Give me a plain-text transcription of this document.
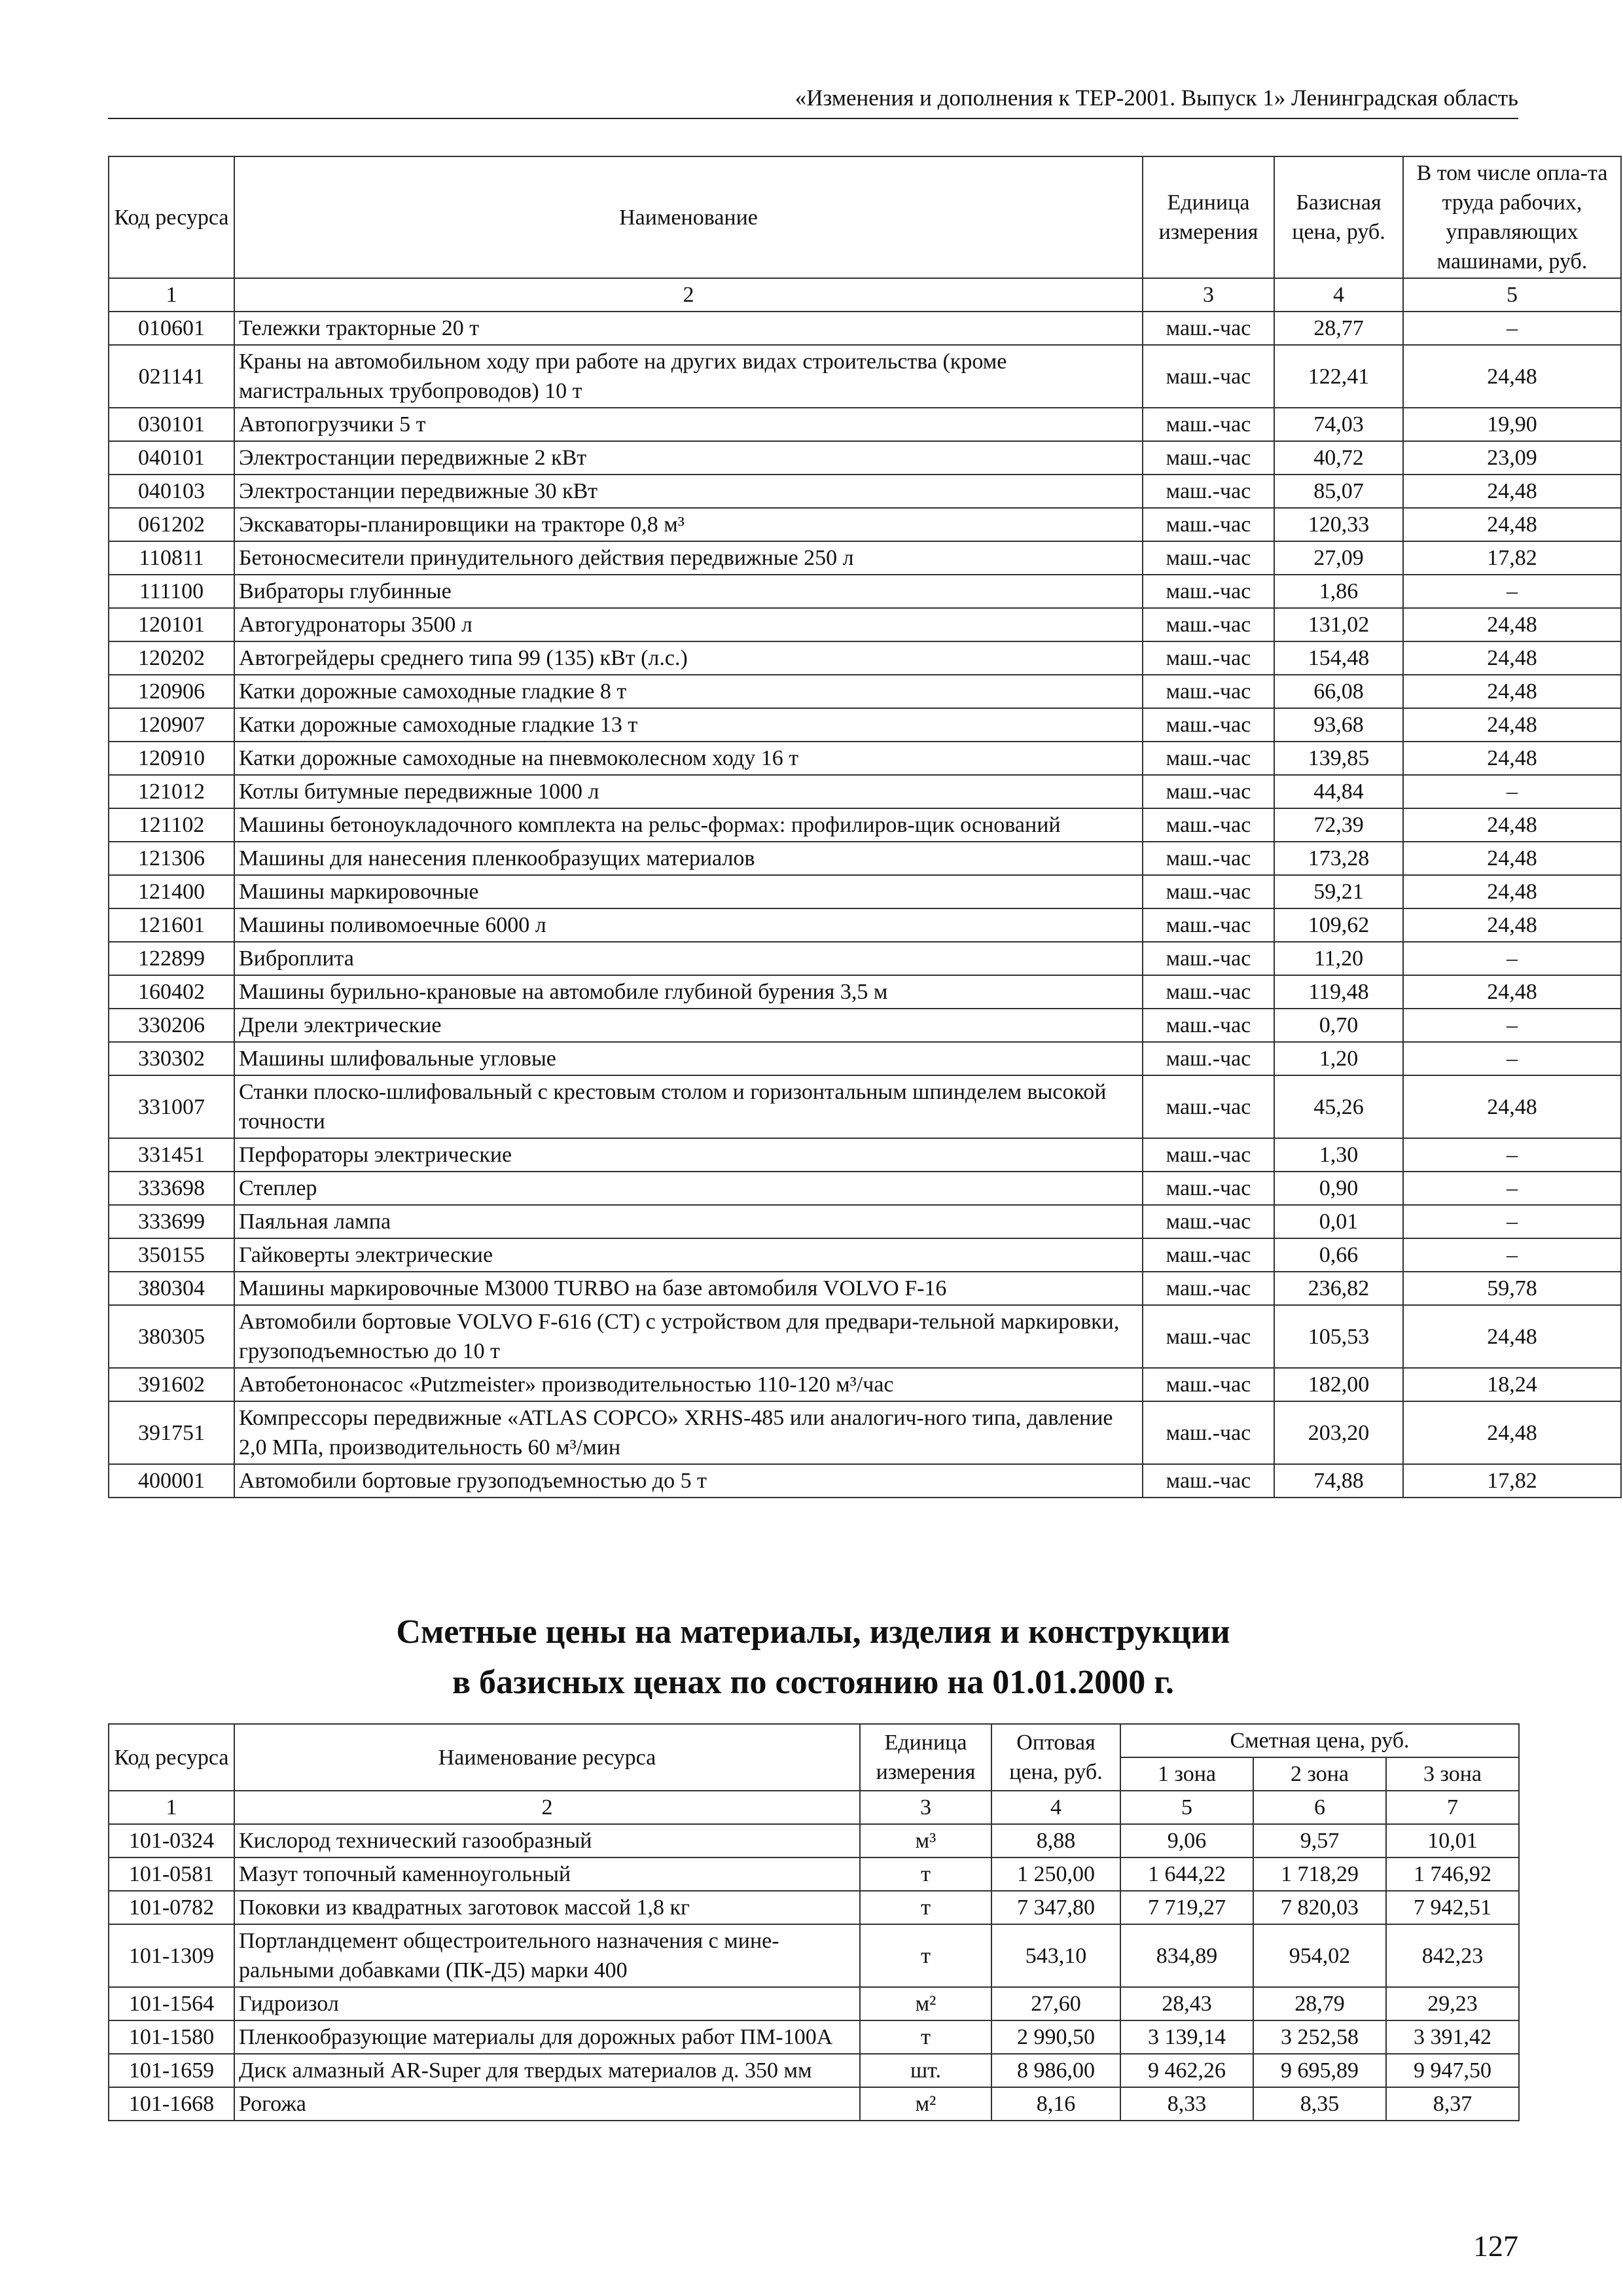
«Изменения и дополнения к ТЕР-2001. Выпуск 1» Ленинградская область
Код ресурса	Наименование	Единица измерения	Базисная цена, руб.	В том числе опла-та труда рабочих, управляющих машинами, руб.
1	2	3	4	5
010601	Тележки тракторные 20 т	маш.-час	28,77	–
021141	Краны на автомобильном ходу при работе на других видах строительства (кроме магистральных трубопроводов) 10 т	маш.-час	122,41	24,48
030101	Автопогрузчики 5 т	маш.-час	74,03	19,90
040101	Электростанции передвижные 2 кВт	маш.-час	40,72	23,09
040103	Электростанции передвижные 30 кВт	маш.-час	85,07	24,48
061202	Экскаваторы-планировщики на тракторе 0,8 м³	маш.-час	120,33	24,48
110811	Бетоносмесители принудительного действия передвижные 250 л	маш.-час	27,09	17,82
111100	Вибраторы глубинные	маш.-час	1,86	–
120101	Автогудронаторы 3500 л	маш.-час	131,02	24,48
120202	Автогрейдеры среднего типа 99 (135) кВт (л.с.)	маш.-час	154,48	24,48
120906	Катки дорожные самоходные гладкие 8 т	маш.-час	66,08	24,48
120907	Катки дорожные самоходные гладкие 13 т	маш.-час	93,68	24,48
120910	Катки дорожные самоходные на пневмоколесном ходу 16 т	маш.-час	139,85	24,48
121012	Котлы битумные передвижные 1000 л	маш.-час	44,84	–
121102	Машины бетоноукладочного комплекта на рельс-формах: профилиров-щик оснований	маш.-час	72,39	24,48
121306	Машины для нанесения пленкообразущих материалов	маш.-час	173,28	24,48
121400	Машины маркировочные	маш.-час	59,21	24,48
121601	Машины поливомоечные 6000 л	маш.-час	109,62	24,48
122899	Виброплита	маш.-час	11,20	–
160402	Машины бурильно-крановые на автомобиле глубиной бурения 3,5 м	маш.-час	119,48	24,48
330206	Дрели электрические	маш.-час	0,70	–
330302	Машины шлифовальные угловые	маш.-час	1,20	–
331007	Станки плоско-шлифовальный с крестовым столом и горизонтальным шпинделем высокой точности	маш.-час	45,26	24,48
331451	Перфораторы электрические	маш.-час	1,30	–
333698	Степлер	маш.-час	0,90	–
333699	Паяльная лампа	маш.-час	0,01	–
350155	Гайковерты электрические	маш.-час	0,66	–
380304	Машины маркировочные М3000 TURBO на базе автомобиля VOLVO F-16	маш.-час	236,82	59,78
380305	Автомобили бортовые VOLVO F-616 (СТ) с устройством для предвари-тельной маркировки, грузоподъемностью до 10 т	маш.-час	105,53	24,48
391602	Автобетононасос «Putzmeister» производительностью 110-120 м³/час	маш.-час	182,00	18,24
391751	Компрессоры передвижные «ATLAS COPCO» XRHS-485 или аналогич-ного типа, давление 2,0 МПа, производительность 60 м³/мин	маш.-час	203,20	24,48
400001	Автомобили бортовые грузоподъемностью до 5 т	маш.-час	74,88	17,82
Сметные цены на материалы, изделия и конструкции
в базисных ценах по состоянию на 01.01.2000 г.
Код ресурса	Наименование ресурса	Единица измерения	Оптовая цена, руб.	Сметная цена, руб.		
				1 зона	2 зона	3 зона
1	2	3	4	5	6	7
101-0324	Кислород технический газообразный	м³	8,88	9,06	9,57	10,01
101-0581	Мазут топочный каменноугольный	т	1 250,00	1 644,22	1 718,29	1 746,92
101-0782	Поковки из квадратных заготовок массой 1,8 кг	т	7 347,80	7 719,27	7 820,03	7 942,51
101-1309	Портландцемент общестроительного назначения с мине-ральными добавками (ПК-Д5) марки 400	т	543,10	834,89	954,02	842,23
101-1564	Гидроизол	м²	27,60	28,43	28,79	29,23
101-1580	Пленкообразующие материалы для дорожных работ ПМ-100А	т	2 990,50	3 139,14	3 252,58	3 391,42
101-1659	Диск алмазный AR-Super для твердых материалов д. 350 мм	шт.	8 986,00	9 462,26	9 695,89	9 947,50
101-1668	Рогожа	м²	8,16	8,33	8,35	8,37
127
